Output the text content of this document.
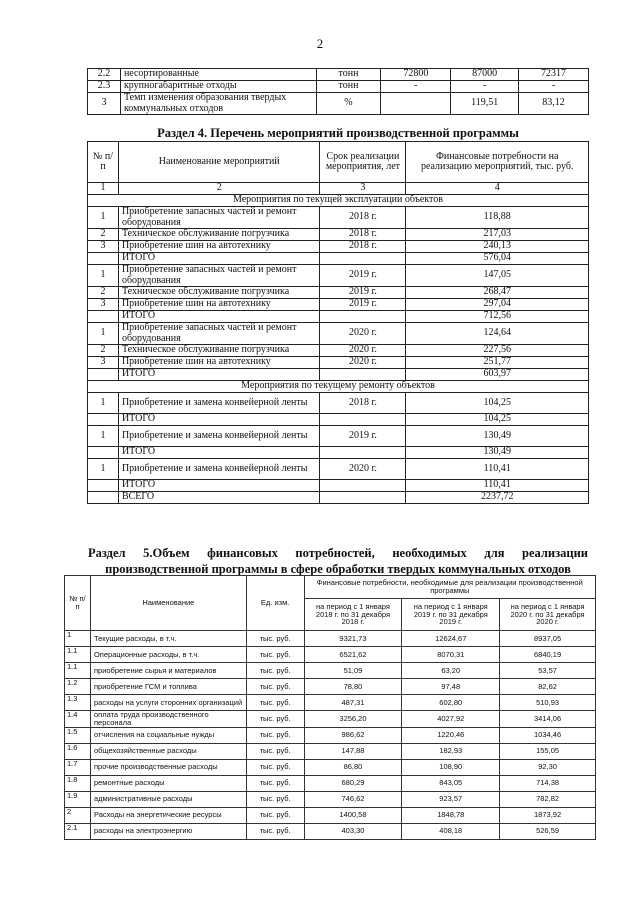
2
2.2	несортированные	тонн	72800	87000	72317
2.3	крупногабаритные отходы	тонн	-	-	-
3	Темп изменения образования твердых коммунальных отходов	%		119,51	83,12
Раздел 4. Перечень мероприятий производственной программы
№ п/п	Наименование мероприятий	Срок реализации мероприятия, лет	Финансовые потребности на реализацию мероприятий, тыс. руб.
1	2	3	4
Мероприятия по текущей эксплуатации объектов			
1	Приобретение запасных частей и ремонт оборудования	2018 г.	118,88
2	Техническое обслуживание погрузчика	2018 г.	217,03
3	Приобретение шин на автотехнику	2018 г.	240,13
	ИТОГО		576,04
1	Приобретение запасных частей и ремонт оборудования	2019 г.	147,05
2	Техническое обслуживание погрузчика	2019 г.	268,47
3	Приобретение шин на автотехнику	2019 г.	297,04
	ИТОГО		712,56
1	Приобретение запасных частей и ремонт оборудования	2020 г.	124,64
2	Техническое обслуживание погрузчика	2020 г.	227,56
3	Приобретение шин на автотехнику	2020 г.	251,77
	ИТОГО		603,97
Мероприятия по текущему ремонту объектов			
1	Приобретение и замена конвейерной ленты	2018 г.	104,25
	ИТОГО		104,25
1	Приобретение и замена конвейерной ленты	2019 г.	130,49
	ИТОГО		130,49
1	Приобретение и замена конвейерной ленты	2020 г.	110,41
	ИТОГО		110,41
	ВСЕГО		2237,72
Раздел 5.Объем финансовых потребностей, необходимых для реализации производственной программы в сфере обработки твердых коммунальных отходов
№ п/п	Наименование	Ед. изм.	Финансовые потребности, необходимые для реализации производственной программы		
			на период с 1 января 2018 г. по 31 декабря 2018 г.	на период с 1 января 2019 г. по 31 декабря 2019 г.	на период с 1 января 2020 г. по 31 декабря 2020 г.
1	Текущие расходы, в т.ч.	тыс. руб.	9321,73	12624,67	8937,05
1.1	Операционные расходы, в т.ч.	тыс. руб.	6521,62	8070,31	6840,19
1.1	приобретение сырья и материалов	тыс. руб.	51,09	63,20	53,57
1.2	приобретение ГСМ и топлива	тыс. руб.	78,80	97,48	82,62
1.3	расходы на услуги сторонних организаций	тыс. руб.	487,31	602,80	510,93
1.4	оплата труда производственного персонала	тыс. руб.	3256,20	4027,92	3414,06
1.5	отчисления на социальные нужды	тыс. руб.	986,62	1220,46	1034,46
1.6	общехозяйственные расходы	тыс. руб.	147,88	182,93	155,05
1.7	прочие производственные расходы	тыс. руб.	86,80	108,90	92,30
1.8	ремонтные расходы	тыс. руб.	680,29	843,05	714,38
1.9	административные расходы	тыс. руб.	746,62	923,57	782,82
2	Расходы на энергетические ресурсы	тыс. руб.	1400,58	1848,78	1873,92
2.1	расходы на электроэнергию	тыс. руб.	403,30	408,18	526,59
